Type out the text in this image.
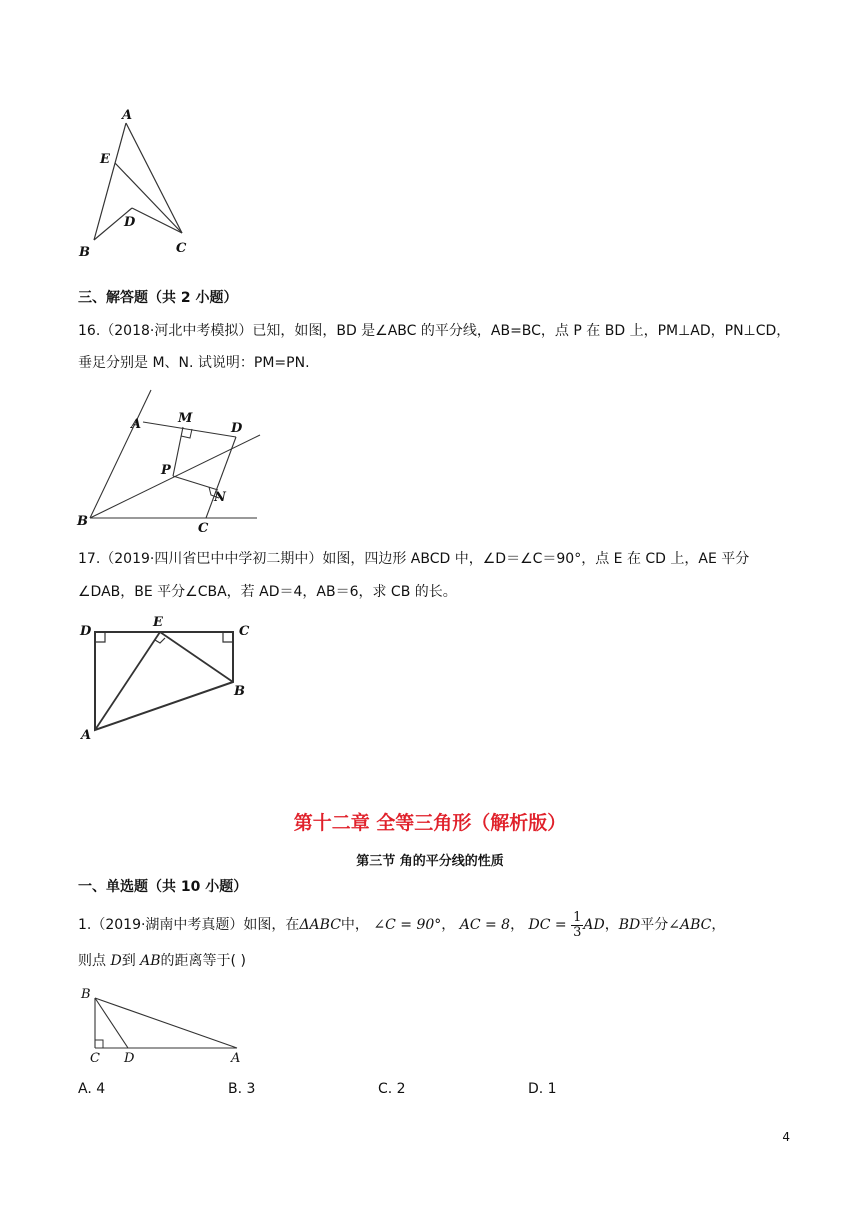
A
E
D
B	C
三、解答题（共 2 小题）
16.（2018·河北中考模拟）已知，如图，BD 是∠ABC 的平分线，AB=BC，点 P 在 BD 上，PM⊥AD，PN⊥CD，
垂足分别是 M、N. 试说明：PM=PN.
A	M
D
P
N
B	C
17.（2019·四川省巴中中学初二期中）如图，四边形 ABCD 中，∠D＝∠C＝90°，点 E 在 CD 上，AE 平分
∠DAB，BE 平分∠CBA，若 AD＝4，AB＝6，求 CB 的长。
D
E
C
B
A
第十二章 全等三角形（解析版）
第三节 角的平分线的性质
一、单选题（共 10 小题）
1.（2019·湖南中考真题）如图，在ΔABC中， ∠C = 90°， AC = 8， DC = $\frac{1}{3}$ AD，BD平分∠ABC，
则点 D到 AB的距离等于( )
B
C D	A
A. 4	B. 3	C. 2	D. 1
4
